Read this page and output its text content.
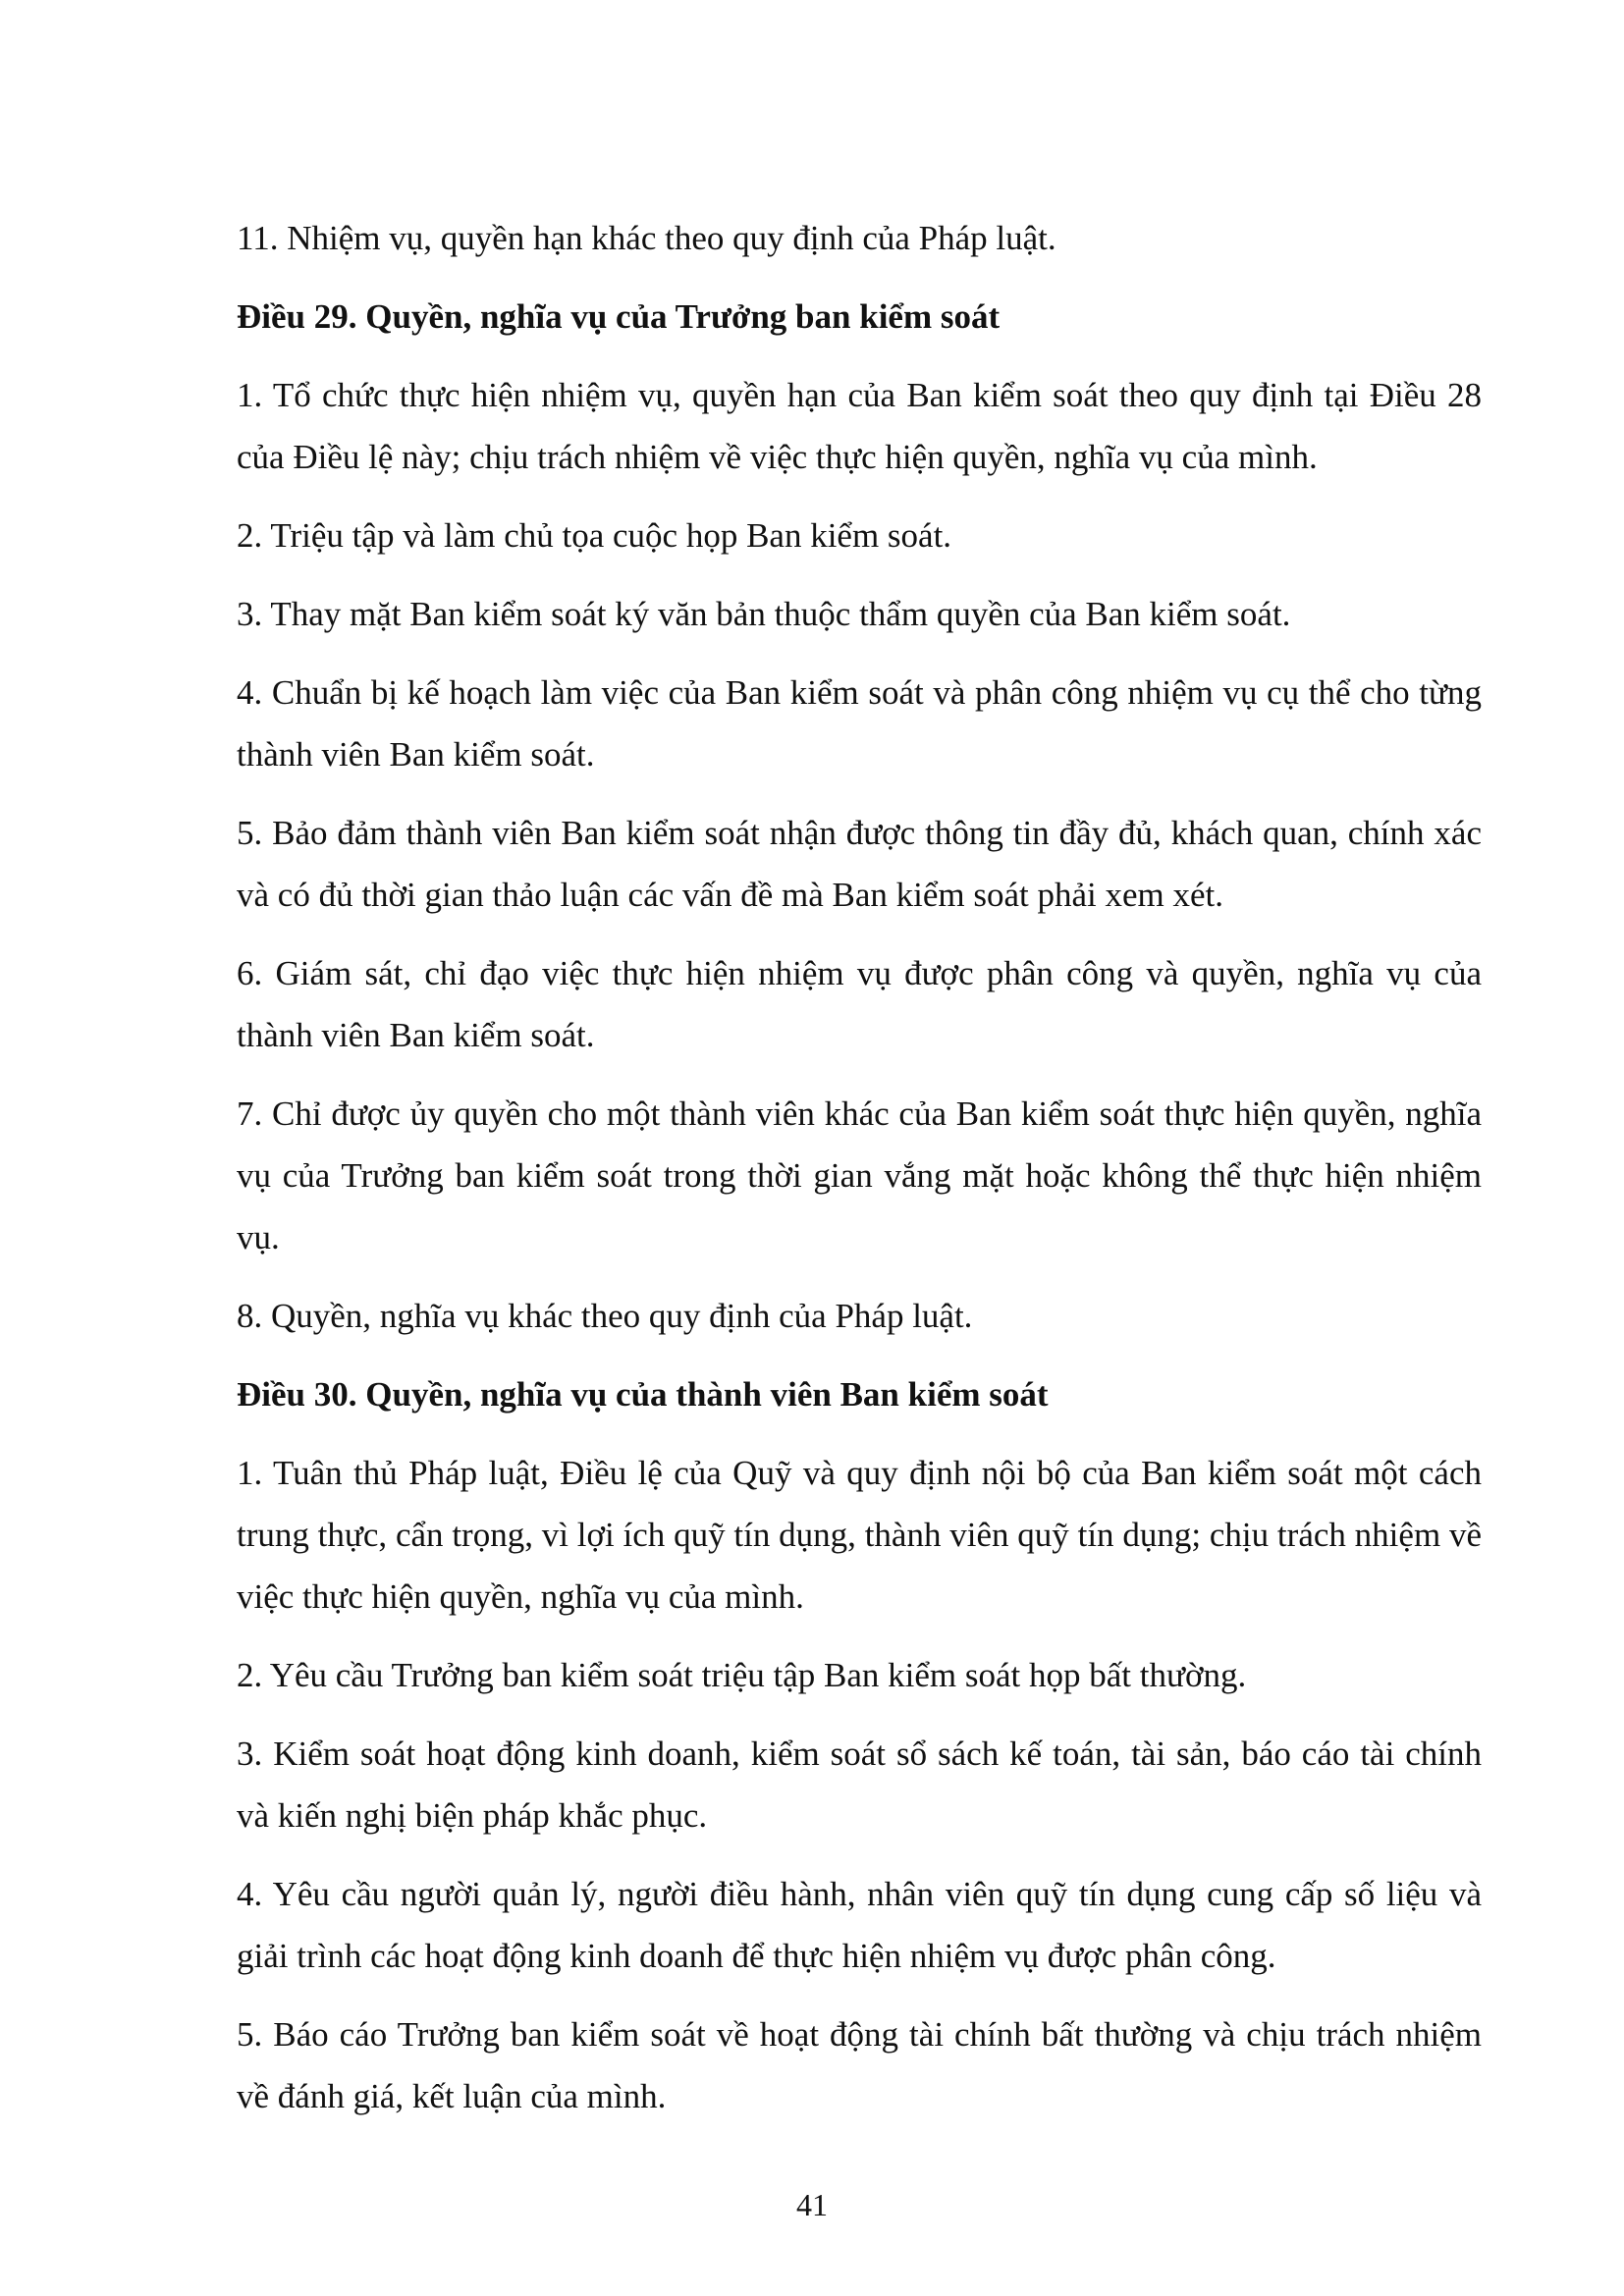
11. Nhiệm vụ, quyền hạn khác theo quy định của Pháp luật.

Điều 29. Quyền, nghĩa vụ của Trưởng ban kiểm soát

1. Tổ chức thực hiện nhiệm vụ, quyền hạn của Ban kiểm soát theo quy định tại Điều 28 của Điều lệ này; chịu trách nhiệm về việc thực hiện quyền, nghĩa vụ của mình.

2. Triệu tập và làm chủ tọa cuộc họp Ban kiểm soát.

3. Thay mặt Ban kiểm soát ký văn bản thuộc thẩm quyền của Ban kiểm soát.

4. Chuẩn bị kế hoạch làm việc của Ban kiểm soát và phân công nhiệm vụ cụ thể cho từng thành viên Ban kiểm soát.

5. Bảo đảm thành viên Ban kiểm soát nhận được thông tin đầy đủ, khách quan, chính xác và có đủ thời gian thảo luận các vấn đề mà Ban kiểm soát phải xem xét.

6. Giám sát, chỉ đạo việc thực hiện nhiệm vụ được phân công và quyền, nghĩa vụ của thành viên Ban kiểm soát.

7. Chỉ được ủy quyền cho một thành viên khác của Ban kiểm soát thực hiện quyền, nghĩa vụ của Trưởng ban kiểm soát trong thời gian vắng mặt hoặc không thể thực hiện nhiệm vụ.

8. Quyền, nghĩa vụ khác theo quy định của Pháp luật.

Điều 30. Quyền, nghĩa vụ của thành viên Ban kiểm soát

1. Tuân thủ Pháp luật, Điều lệ của Quỹ và quy định nội bộ của Ban kiểm soát một cách trung thực, cẩn trọng, vì lợi ích quỹ tín dụng, thành viên quỹ tín dụng; chịu trách nhiệm về việc thực hiện quyền, nghĩa vụ của mình.

2. Yêu cầu Trưởng ban kiểm soát triệu tập Ban kiểm soát họp bất thường.

3. Kiểm soát hoạt động kinh doanh, kiểm soát sổ sách kế toán, tài sản, báo cáo tài chính và kiến nghị biện pháp khắc phục.

4. Yêu cầu người quản lý, người điều hành, nhân viên quỹ tín dụng cung cấp số liệu và giải trình các hoạt động kinh doanh để thực hiện nhiệm vụ được phân công.

5. Báo cáo Trưởng ban kiểm soát về hoạt động tài chính bất thường và chịu trách nhiệm về đánh giá, kết luận của mình.

41
